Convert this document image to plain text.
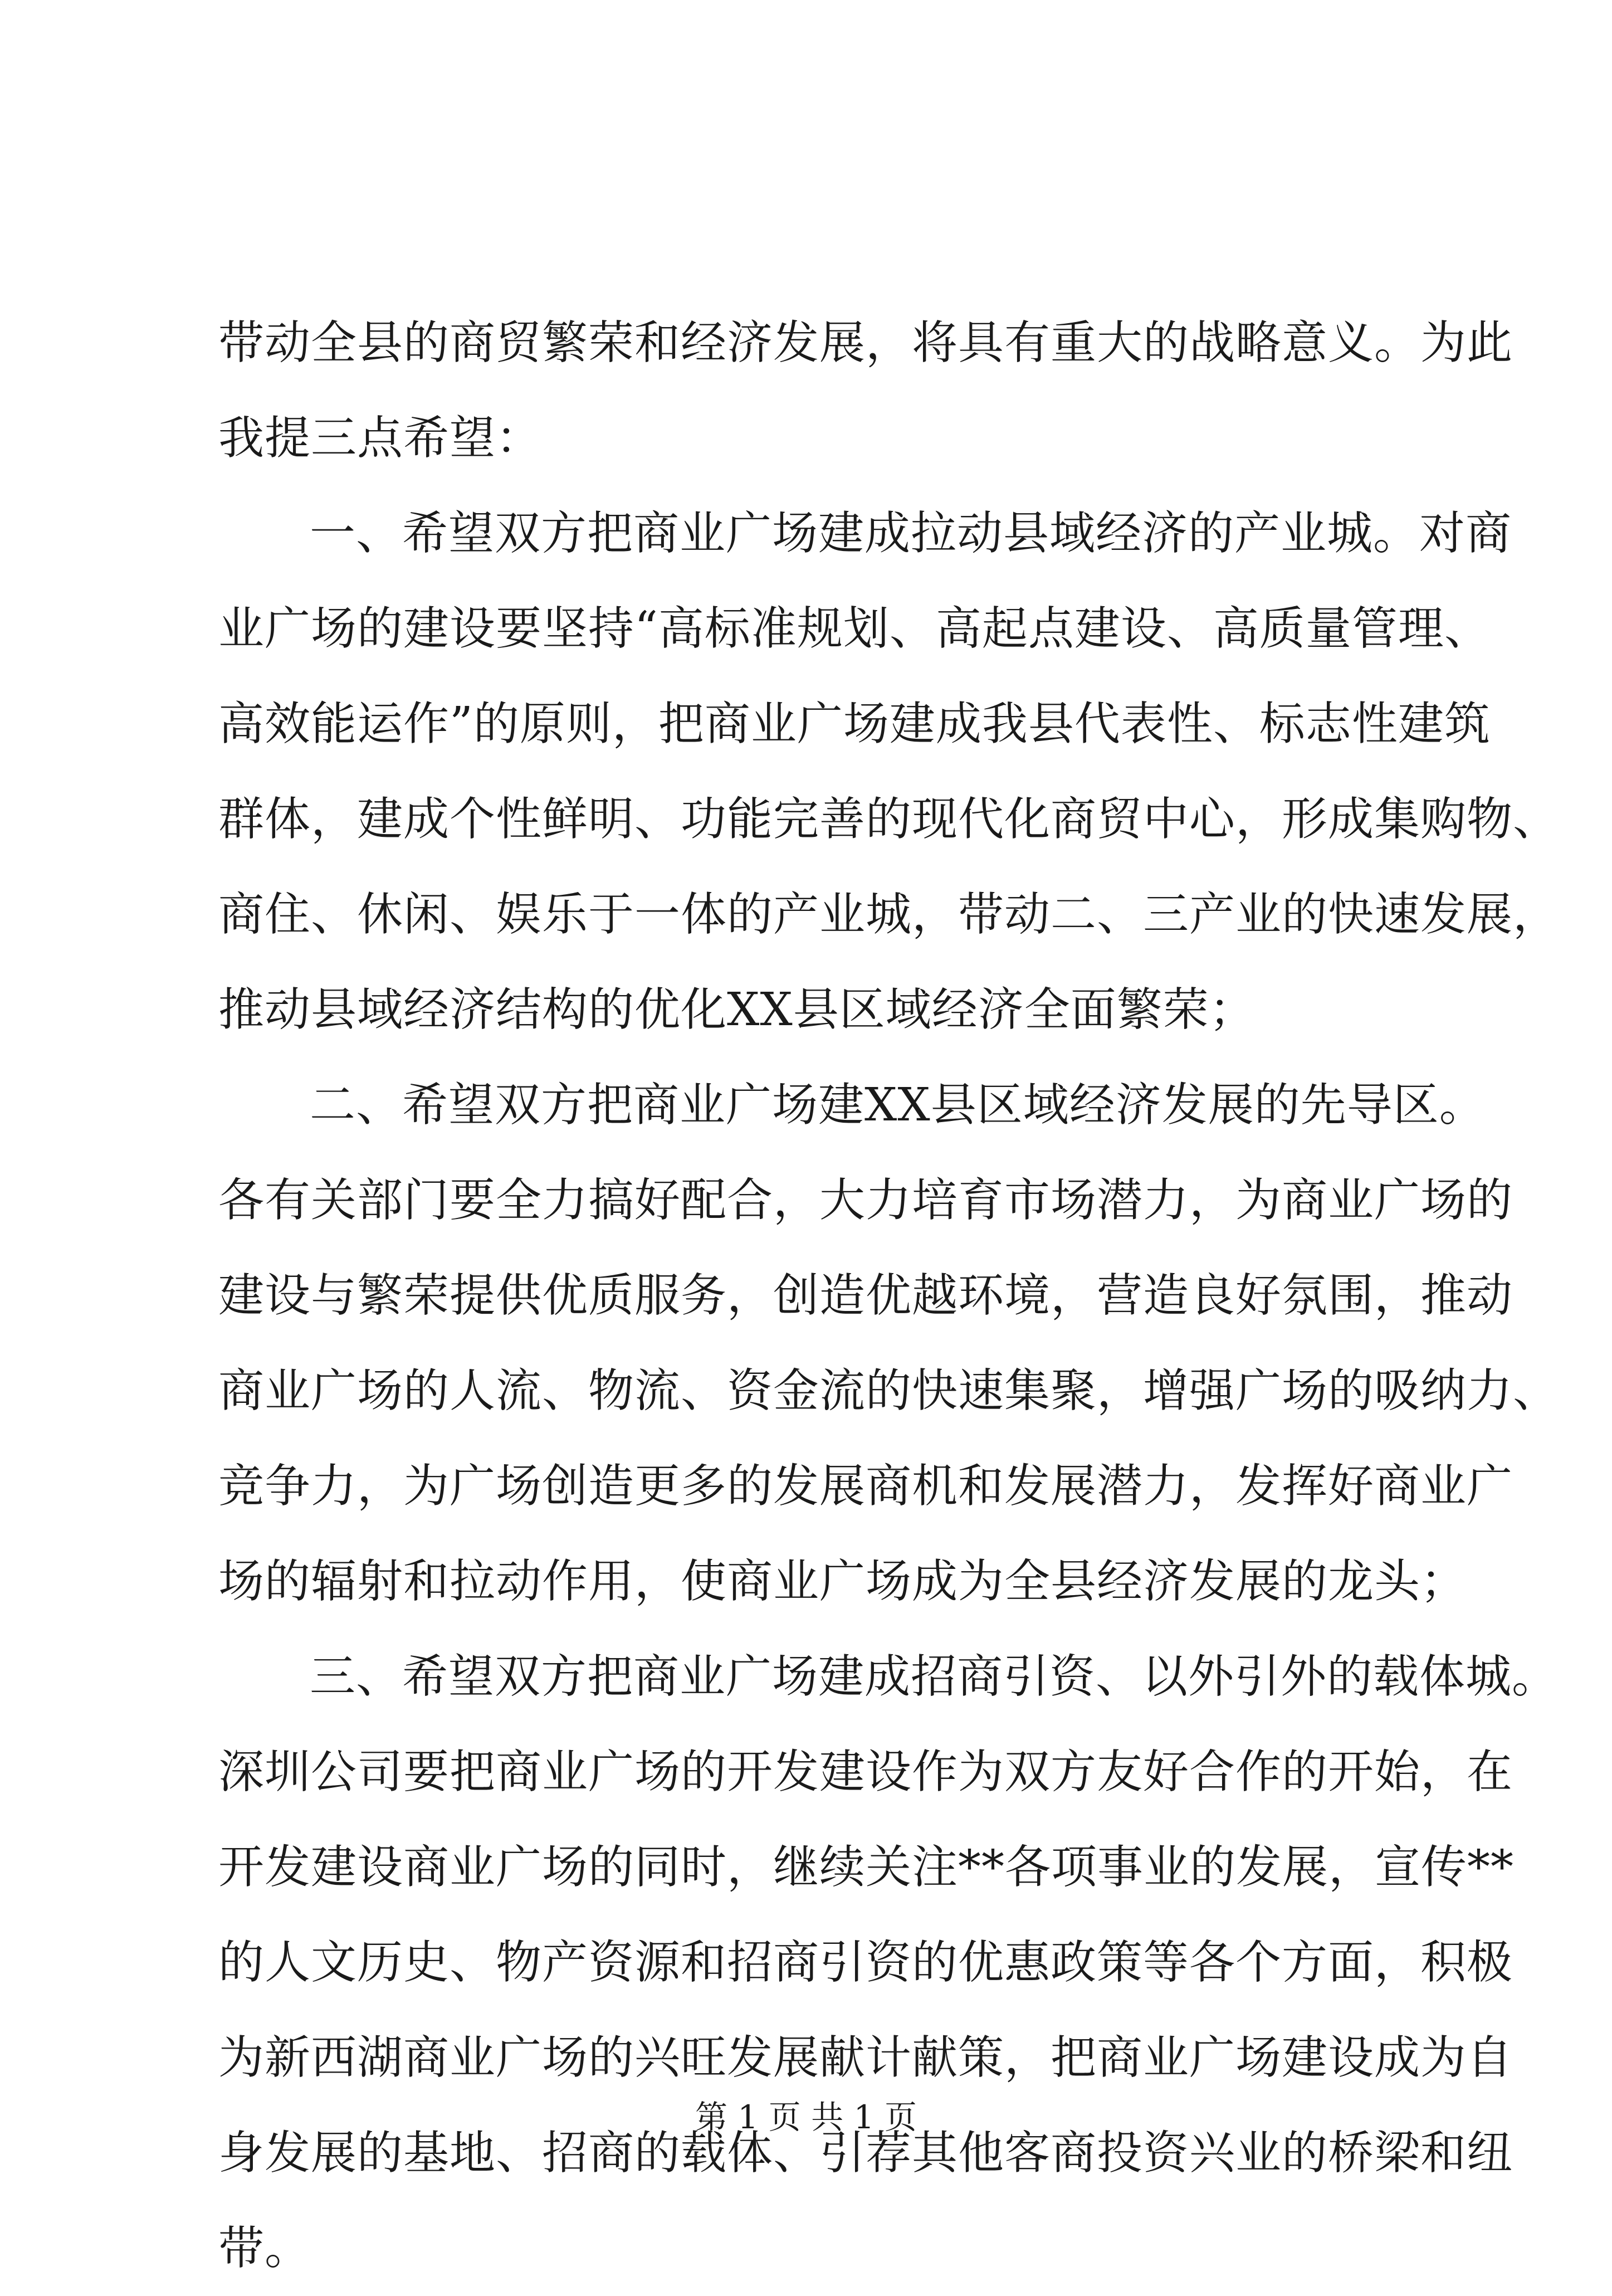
带动全县的商贸繁荣和经济发展，将具有重大的战略意义。为此
我提三点希望：
一、希望双方把商业广场建成拉动县域经济的产业城。对商
业广场的建设要坚持“高标准规划、高起点建设、高质量管理、
高效能运作”的原则，把商业广场建成我县代表性、标志性建筑
群体，建成个性鲜明、功能完善的现代化商贸中心，形成集购物、
商住、休闲、娱乐于一体的产业城，带动二、三产业的快速发展，
推动县域经济结构的优化XX县区域经济全面繁荣；
二、希望双方把商业广场建XX县区域经济发展的先导区。
各有关部门要全力搞好配合，大力培育市场潜力，为商业广场的
建设与繁荣提供优质服务，创造优越环境，营造良好氛围，推动
商业广场的人流、物流、资金流的快速集聚，增强广场的吸纳力、
竞争力，为广场创造更多的发展商机和发展潜力，发挥好商业广
场的辐射和拉动作用，使商业广场成为全县经济发展的龙头；
三、希望双方把商业广场建成招商引资、以外引外的载体城。
深圳公司要把商业广场的开发建设作为双方友好合作的开始，在
开发建设商业广场的同时，继续关注**各项事业的发展，宣传**
的人文历史、物产资源和招商引资的优惠政策等各个方面，积极
为新西湖商业广场的兴旺发展献计献策，把商业广场建设成为自
身发展的基地、招商的载体、引荐其他客商投资兴业的桥梁和纽
带。
第 1 页 共 1 页
